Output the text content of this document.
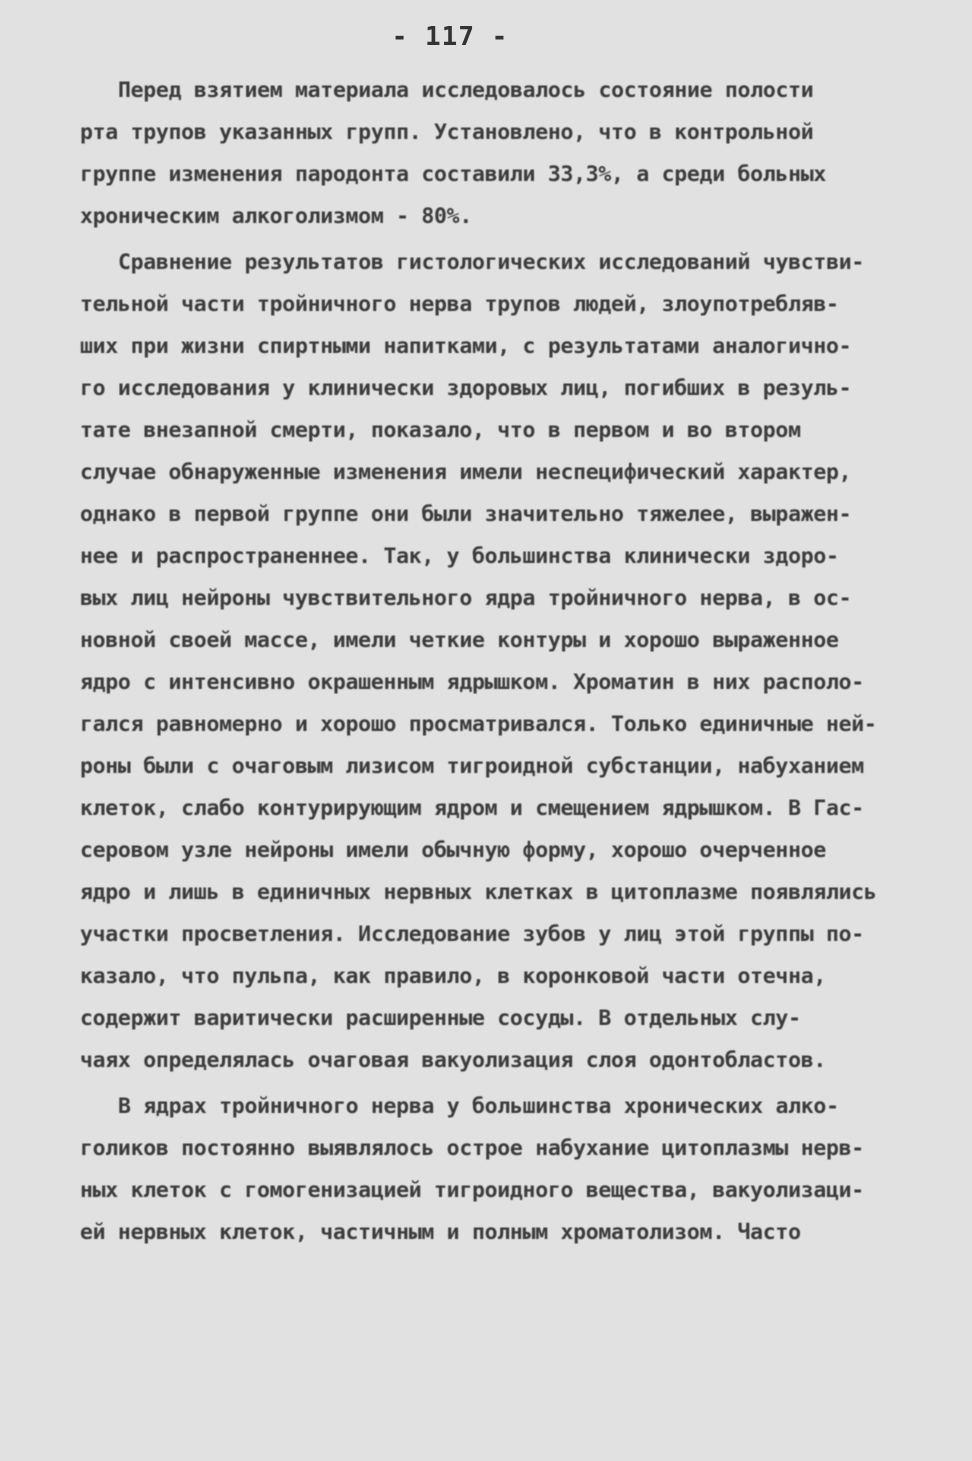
- 117 -
Перед взятием материала исследовалось состояние полости
рта трупов указанных групп. Установлено, что в контрольной
группе изменения пародонта составили 33,3%, а среди больных
хроническим алкоголизмом - 80%.
Сравнение результатов гистологических исследований чувстви-
тельной части тройничного нерва трупов людей, злоупотребляв-
ших при жизни спиртными напитками, с результатами аналогично-
го исследования у клинически здоровых лиц, погибших в резуль-
тате внезапной смерти, показало, что в первом и во втором
случае обнаруженные изменения имели неспецифический характер,
однако в первой группе они были значительно тяжелее, выражен-
нее и распространеннее. Так, у большинства клинически здоро-
вых лиц нейроны чувствительного ядра тройничного нерва, в ос-
новной своей массе, имели четкие контуры и хорошо выраженное
ядро с интенсивно окрашенным ядрышком. Хроматин в них располо-
гался равномерно и хорошо просматривался. Только единичные ней-
роны были с очаговым лизисом тигроидной субстанции, набуханием
клеток, слабо контурирующим ядром и смещением ядрышком. В Гас-
серовом узле нейроны имели обычную форму, хорошо очерченное
ядро и лишь в единичных нервных клетках в цитоплазме появлялись
участки просветления. Исследование зубов у лиц этой группы по-
казало, что пульпа, как правило, в коронковой части отечна,
содержит варитически расширенные сосуды. В отдельных слу-
чаях определялась очаговая вакуолизация слоя одонтобластов.
В ядрах тройничного нерва у большинства хронических алко-
голиков постоянно выявлялось острое набухание цитоплазмы нерв-
ных клеток с гомогенизацией тигроидного вещества, вакуолизаци-
ей нервных клеток, частичным и полным хроматолизом. Часто
